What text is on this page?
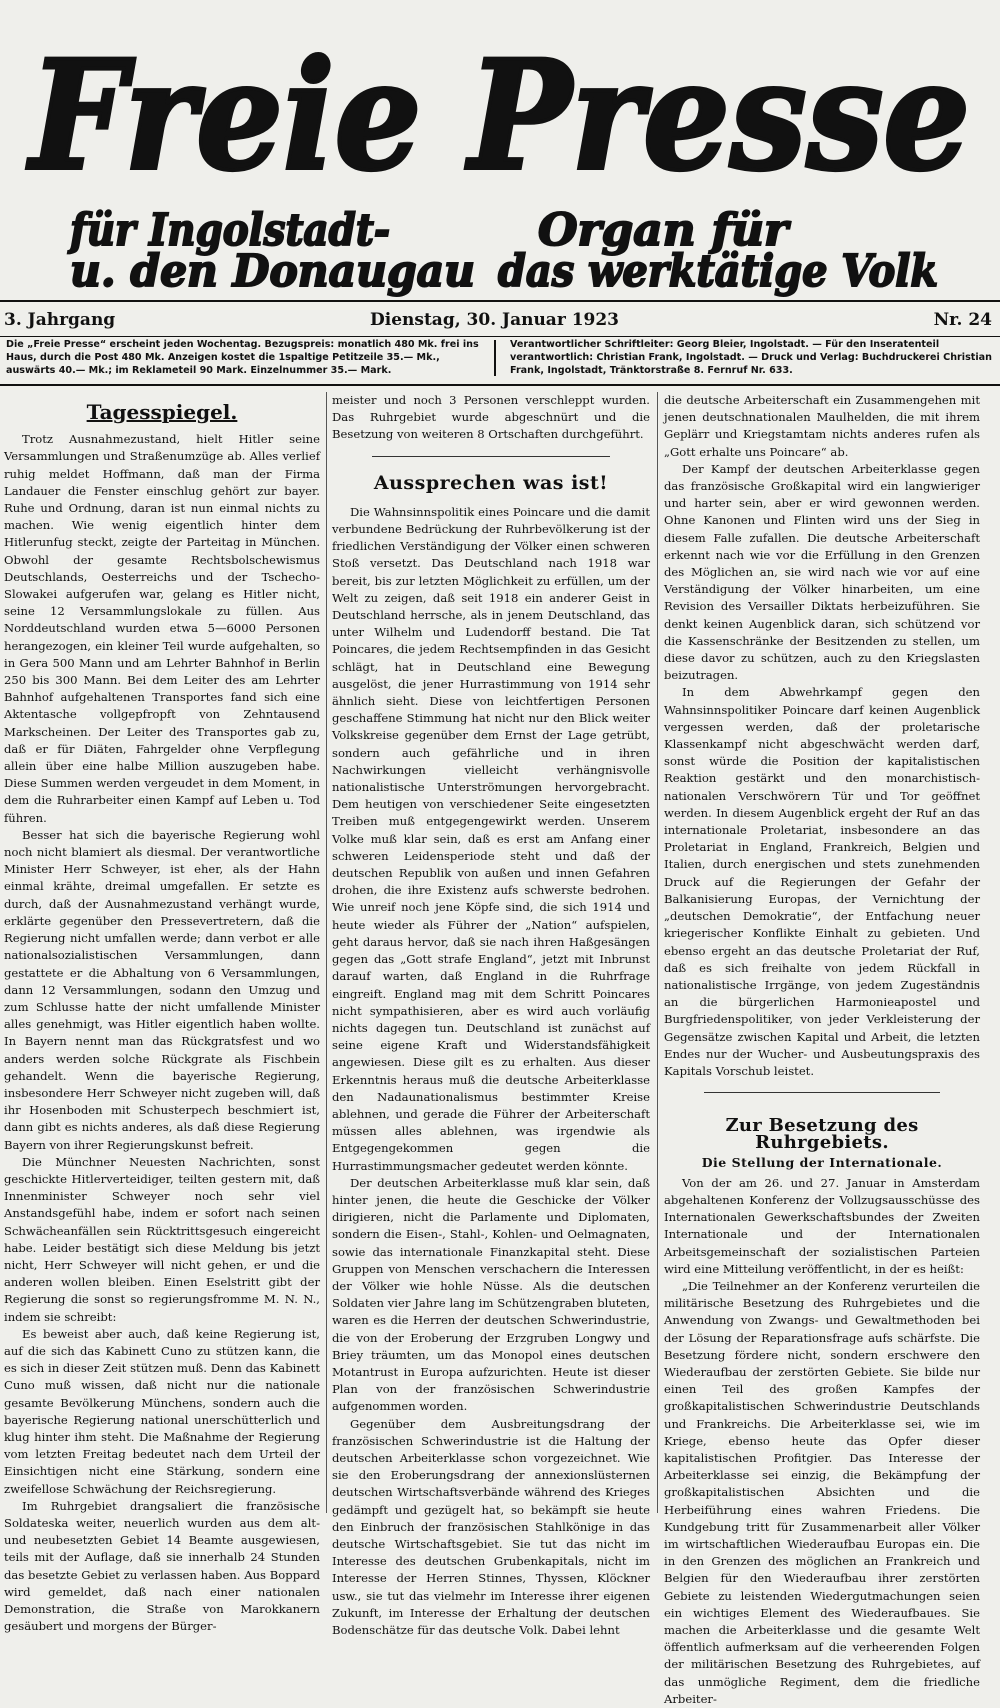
Freie Presse
für Ingolstadt-
u. den Donaugau
Organ für
das werktätige Volk
3. Jahrgang	Dienstag, 30. Januar 1923	Nr. 24
Die „Freie Presse“ erscheint jeden Wochentag. Bezugspreis: monatlich 480 Mk. frei ins Haus, durch die Post 480 Mk. Anzeigen kostet die 1spaltige Petitzeile 35.— Mk., auswärts 40.— Mk.; im Reklameteil 90 Mark. Einzelnummer 35.— Mark.
Verantwortlicher Schriftleiter: Georg Bleier, Ingolstadt. — Für den Inseratenteil verantwortlich: Christian Frank, Ingolstadt. — Druck und Verlag: Buchdruckerei Christian Frank, Ingolstadt, Tränktorstraße 8. Fernruf Nr. 633.
Tagesspiegel.

Trotz Ausnahmezustand, hielt Hitler seine Versammlungen und Straßenumzüge ab. Alles verlief ruhig meldet Hoffmann, daß man der Firma Landauer die Fenster einschlug gehört zur bayer. Ruhe und Ordnung, daran ist nun einmal nichts zu machen. Wie wenig eigentlich hinter dem Hitlerunfug steckt, zeigte der Parteitag in München. Obwohl der gesamte Rechtsbolschewismus Deutschlands, Oesterreichs und der Tschecho-Slowakei aufgerufen war, gelang es Hitler nicht, seine 12 Versammlungslokale zu füllen. Aus Norddeutschland wurden etwa 5—6000 Personen herangezogen, ein kleiner Teil wurde aufgehalten, so in Gera 500 Mann und am Lehrter Bahnhof in Berlin 250 bis 300 Mann. Bei dem Leiter des am Lehrter Bahnhof aufgehaltenen Transportes fand sich eine Aktentasche vollgepfropft von Zehntausend Markscheinen. Der Leiter des Transportes gab zu, daß er für Diäten, Fahrgelder ohne Verpflegung allein über eine halbe Million auszugeben habe. Diese Summen werden vergeudet in dem Moment, in dem die Ruhrarbeiter einen Kampf auf Leben u. Tod führen.

Besser hat sich die bayerische Regierung wohl noch nicht blamiert als diesmal. Der verantwortliche Minister Herr Schweyer, ist eher, als der Hahn einmal krähte, dreimal umgefallen. Er setzte es durch, daß der Ausnahmezustand verhängt wurde, erklärte gegenüber den Pressevertretern, daß die Regierung nicht umfallen werde; dann verbot er alle nationalsozialistischen Versammlungen, dann gestattete er die Abhaltung von 6 Versammlungen, dann 12 Versammlungen, sodann den Umzug und zum Schlusse hatte der nicht umfallende Minister alles genehmigt, was Hitler eigentlich haben wollte. In Bayern nennt man das Rückgratsfest und wo anders werden solche Rückgrate als Fischbein gehandelt. Wenn die bayerische Regierung, insbesondere Herr Schweyer nicht zugeben will, daß ihr Hosenboden mit Schusterpech beschmiert ist, dann gibt es nichts anderes, als daß diese Regierung Bayern von ihrer Regierungskunst befreit.

Die Münchner Neuesten Nachrichten, sonst geschickte Hitlerverteidiger, teilten gestern mit, daß Innenminister Schweyer noch sehr viel Anstandsgefühl habe, indem er sofort nach seinen Schwächeanfällen sein Rücktrittsgesuch eingereicht habe. Leider bestätigt sich diese Meldung bis jetzt nicht, Herr Schweyer will nicht gehen, er und die anderen wollen bleiben. Einen Eselstritt gibt der Regierung die sonst so regierungsfromme M. N. N., indem sie schreibt:

Es beweist aber auch, daß keine Regierung ist, auf die sich das Kabinett Cuno zu stützen kann, die es sich in dieser Zeit stützen muß. Denn das Kabinett Cuno muß wissen, daß nicht nur die nationale gesamte Bevölkerung Münchens, sondern auch die bayerische Regierung national unerschütterlich und klug hinter ihm steht. Die Maßnahme der Regierung vom letzten Freitag bedeutet nach dem Urteil der Einsichtigen nicht eine Stärkung, sondern eine zweifellose Schwächung der Reichsregierung.

Im Ruhrgebiet drangsaliert die französische Soldateska weiter, neuerlich wurden aus dem alt- und neubesetzten Gebiet 14 Beamte ausgewiesen, teils mit der Auflage, daß sie innerhalb 24 Stunden das besetzte Gebiet zu verlassen haben. Aus Boppard wird gemeldet, daß nach einer nationalen Demonstration, die Straße von Marokkanern gesäubert und morgens der Bürger-

meister und noch 3 Personen verschleppt wurden. Das Ruhrgebiet wurde abgeschnürt und die Besetzung von weiteren 8 Ortschaften durchgeführt.

Aussprechen was ist!

Die Wahnsinnspolitik eines Poincare und die damit verbundene Bedrückung der Ruhrbevölkerung ist der friedlichen Verständigung der Völker einen schweren Stoß versetzt. Das Deutschland nach 1918 war bereit, bis zur letzten Möglichkeit zu erfüllen, um der Welt zu zeigen, daß seit 1918 ein anderer Geist in Deutschland herrsche, als in jenem Deutschland, das unter Wilhelm und Ludendorff bestand. Die Tat Poincares, die jedem Rechtsempfinden in das Gesicht schlägt, hat in Deutschland eine Bewegung ausgelöst, die jener Hurrastimmung von 1914 sehr ähnlich sieht. Diese von leichtfertigen Personen geschaffene Stimmung hat nicht nur den Blick weiter Volkskreise gegenüber dem Ernst der Lage getrübt, sondern auch gefährliche und in ihren Nachwirkungen vielleicht verhängnisvolle nationalistische Unterströmungen hervorgebracht. Dem heutigen von verschiedener Seite eingesetzten Treiben muß entgegengewirkt werden. Unserem Volke muß klar sein, daß es erst am Anfang einer schweren Leidensperiode steht und daß der deutschen Republik von außen und innen Gefahren drohen, die ihre Existenz aufs schwerste bedrohen. Wie unreif noch jene Köpfe sind, die sich 1914 und heute wieder als Führer der „Nation“ aufspielen, geht daraus hervor, daß sie nach ihren Haßgesängen gegen das „Gott strafe England“, jetzt mit Inbrunst darauf warten, daß England in die Ruhrfrage eingreift. England mag mit dem Schritt Poincares nicht sympathisieren, aber es wird auch vorläufig nichts dagegen tun. Deutschland ist zunächst auf seine eigene Kraft und Widerstandsfähigkeit angewiesen. Diese gilt es zu erhalten. Aus dieser Erkenntnis heraus muß die deutsche Arbeiterklasse den Nadaunationalismus bestimmter Kreise ablehnen, und gerade die Führer der Arbeiterschaft müssen alles ablehnen, was irgendwie als Entgegengekommen gegen die Hurrastimmungsmacher gedeutet werden könnte.

Der deutschen Arbeiterklasse muß klar sein, daß hinter jenen, die heute die Geschicke der Völker dirigieren, nicht die Parlamente und Diplomaten, sondern die Eisen-, Stahl-, Kohlen- und Oelmagnaten, sowie das internationale Finanzkapital steht. Diese Gruppen von Menschen verschachern die Interessen der Völker wie hohle Nüsse. Als die deutschen Soldaten vier Jahre lang im Schützengraben bluteten, waren es die Herren der deutschen Schwerindustrie, die von der Eroberung der Erzgruben Longwy und Briey träumten, um das Monopol eines deutschen Motantrust in Europa aufzurichten. Heute ist dieser Plan von der französischen Schwerindustrie aufgenommen worden.

Gegenüber dem Ausbreitungsdrang der französischen Schwerindustrie ist die Haltung der deutschen Arbeiterklasse schon vorgezeichnet. Wie sie den Eroberungsdrang der annexionslüsternen deutschen Wirtschaftsverbände während des Krieges gedämpft und gezügelt hat, so bekämpft sie heute den Einbruch der französischen Stahlkönige in das deutsche Wirtschaftsgebiet. Sie tut das nicht im Interesse des deutschen Grubenkapitals, nicht im Interesse der Herren Stinnes, Thyssen, Klöckner usw., sie tut das vielmehr im Interesse ihrer eigenen Zukunft, im Interesse der Erhaltung der deutschen Bodenschätze für das deutsche Volk. Dabei lehnt

die deutsche Arbeiterschaft ein Zusammengehen mit jenen deutschnationalen Maulhelden, die mit ihrem Geplärr und Kriegstamtam nichts anderes rufen als „Gott erhalte uns Poincare“ ab.

Der Kampf der deutschen Arbeiterklasse gegen das französische Großkapital wird ein langwieriger und harter sein, aber er wird gewonnen werden. Ohne Kanonen und Flinten wird uns der Sieg in diesem Falle zufallen. Die deutsche Arbeiterschaft erkennt nach wie vor die Erfüllung in den Grenzen des Möglichen an, sie wird nach wie vor auf eine Verständigung der Völker hinarbeiten, um eine Revision des Versailler Diktats herbeizuführen. Sie denkt keinen Augenblick daran, sich schützend vor die Kassenschränke der Besitzenden zu stellen, um diese davor zu schützen, auch zu den Kriegslasten beizutragen.

In dem Abwehrkampf gegen den Wahnsinnspolitiker Poincare darf keinen Augenblick vergessen werden, daß der proletarische Klassenkampf nicht abgeschwächt werden darf, sonst würde die Position der kapitalistischen Reaktion gestärkt und den monarchistisch-nationalen Verschwörern Tür und Tor geöffnet werden. In diesem Augenblick ergeht der Ruf an das internationale Proletariat, insbesondere an das Proletariat in England, Frankreich, Belgien und Italien, durch energischen und stets zunehmenden Druck auf die Regierungen der Gefahr der Balkanisierung Europas, der Vernichtung der „deutschen Demokratie“, der Entfachung neuer kriegerischer Konflikte Einhalt zu gebieten. Und ebenso ergeht an das deutsche Proletariat der Ruf, daß es sich freihalte von jedem Rückfall in nationalistische Irrgänge, von jedem Zugeständnis an die bürgerlichen Harmonieapostel und Burgfriedenspolitiker, von jeder Verkleisterung der Gegensätze zwischen Kapital und Arbeit, die letzten Endes nur der Wucher- und Ausbeutungspraxis des Kapitals Vorschub leistet.

Zur Besetzung des Ruhrgebiets.
Die Stellung der Internationale.

Von der am 26. und 27. Januar in Amsterdam abgehaltenen Konferenz der Vollzugsausschüsse des Internationalen Gewerkschaftsbundes der Zweiten Internationale und der Internationalen Arbeitsgemeinschaft der sozialistischen Parteien wird eine Mitteilung veröffentlicht, in der es heißt:

„Die Teilnehmer an der Konferenz verurteilen die militärische Besetzung des Ruhrgebietes und die Anwendung von Zwangs- und Gewaltmethoden bei der Lösung der Reparationsfrage aufs schärfste. Die Besetzung fördere nicht, sondern erschwere den Wiederaufbau der zerstörten Gebiete. Sie bilde nur einen Teil des großen Kampfes der großkapitalistischen Schwerindustrie Deutschlands und Frankreichs. Die Arbeiterklasse sei, wie im Kriege, ebenso heute das Opfer dieser kapitalistischen Profitgier. Das Interesse der Arbeiterklasse sei einzig, die Bekämpfung der großkapitalistischen Absichten und die Herbeiführung eines wahren Friedens. Die Kundgebung tritt für Zusammenarbeit aller Völker im wirtschaftlichen Wiederaufbau Europas ein. Die in den Grenzen des möglichen an Frankreich und Belgien für den Wiederaufbau ihrer zerstörten Gebiete zu leistenden Wiedergutmachungen seien ein wichtiges Element des Wiederaufbaues. Sie machen die Arbeiterklasse und die gesamte Welt öffentlich aufmerksam auf die verheerenden Folgen der militärischen Besetzung des Ruhrgebietes, auf das unmögliche Regiment, dem die friedliche Arbeiter-
